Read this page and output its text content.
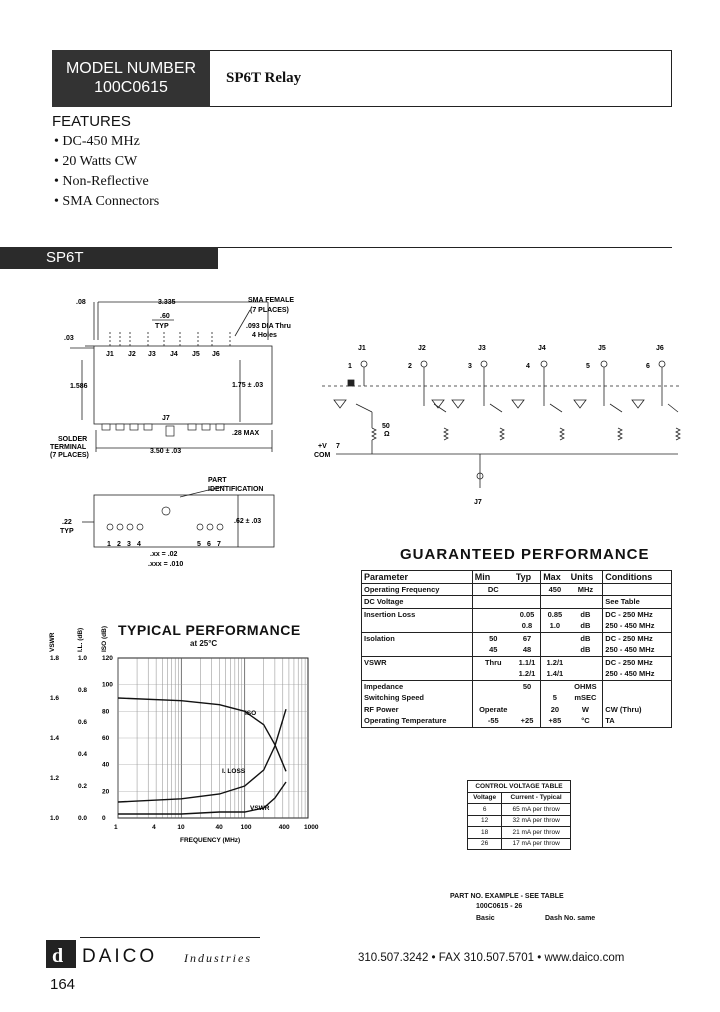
MODEL NUMBER
100C0615
SP6T Relay
FEATURES
• DC-450 MHz
• 20 Watts CW
• Non-Reflective
• SMA Connectors
SP6T
.08	3.335
.60
TYP
.03
J1 J2 J3 J4 J5 J6
J7
SMA FEMALE
(7 PLACES)
.093 DIA Thru
4 Holes
1.586	1.75 ± .03
SOLDER
TERMINAL
(7 PLACES)
3.50 ± .03
.28 MAX
PART
IDENTIFICATION
.22
TYP
.62 ± .03
1 2 3 4	5 6 7
.xx = .02
.xxx = .010
J1	J2	J3	J4	J5	J6
1	2	3	4	5	6
50
Ω
+V
COM
7
J7
GUARANTEED PERFORMANCE
Parameter	Min	Typ	Max	Units	Conditions
Operating Frequency	DC		450	MHz	
DC Voltage					See Table
Insertion Loss		0.05	0.85	dB	DC - 250 MHz
		0.8	1.0	dB	250 - 450 MHz
Isolation	50	67		dB	DC - 250 MHz
	45	48		dB	250 - 450 MHz
VSWR	Thru	1.1/1	1.2/1		DC - 250 MHz
		1.2/1	1.4/1		250 - 450 MHz
Impedance		50		OHMS	
Switching Speed			5	mSEC	
RF Power	Operate		20	W	CW (Thru)
Operating Temperature	-55	+25	+85	°C	TA
CONTROL VOLTAGE TABLE	
Voltage	Current - Typical
6	65 mA per throw
12	32 mA per throw
18	21 mA per throw
26	17 mA per throw
PART NO. EXAMPLE - SEE TABLE
100C0615 - 26
Basic	Dash No. same
TYPICAL PERFORMANCE
at 25°C
1	4	10	40	100	400 1000
FREQUENCY (MHz)
1.8
1.6
1.4
1.2
1.0
VSWR
1.0
0.8
0.6
0.4
0.2
0.0
I.L. (dB)
120
100
80
60
40
20
0
ISO (dB)
ISO
I. LOSS
VSWR
d DAICO Industries	310.507.3242 • FAX 310.507.5701 • www.daico.com
164
